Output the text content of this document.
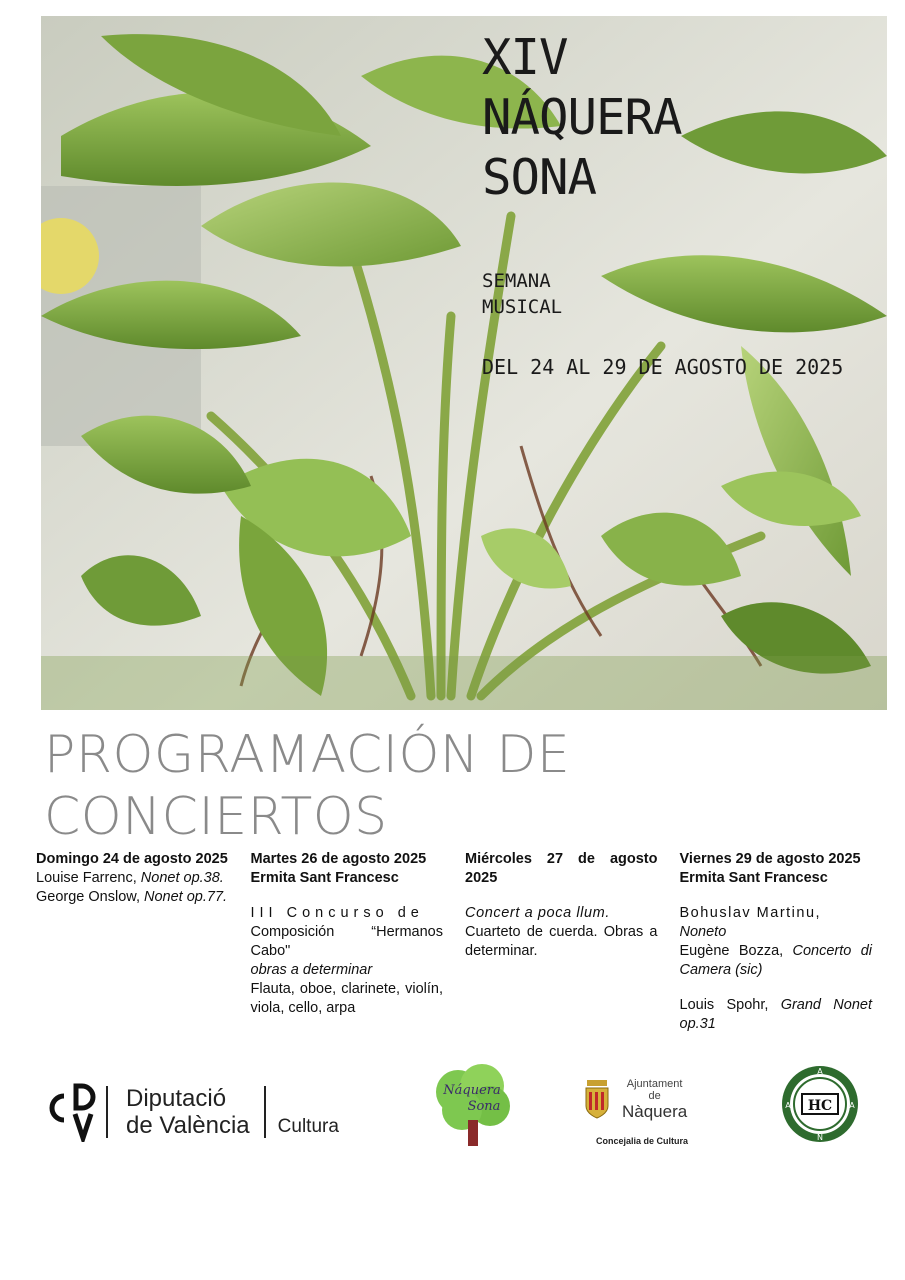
XIV
NÁQUERA
SONA
SEMANA
MUSICAL
DEL 24 AL 29 DE AGOSTO DE 2025
PROGRAMACIÓN DE
CONCIERTOS
Domingo 24 de agosto 2025

Louise Farrenc, Nonet op.38.

George Onslow, Nonet op.77.

Martes 26 de agosto 2025
Ermita Sant Francesc

III Concurso de

Composición “Hermanos Cabo"

obras a determinar

Flauta, oboe, clarinete, violín, viola, cello, arpa

Miércoles 27 de agosto 2025

Concert a poca llum.

Cuarteto de cuerda. Obras a determinar.

Viernes 29 de agosto 2025
Ermita Sant Francesc

Bohuslav Martinu,

Noneto

Eugène Bozza, Concerto di Camera (sic)

Louis Spohr, Grand Nonet op.31

Diputació
de València Cultura
Náquera
Sona
Ajuntament
de
Nàquera
Concejalia de Cultura
HC
A
A	A
N
